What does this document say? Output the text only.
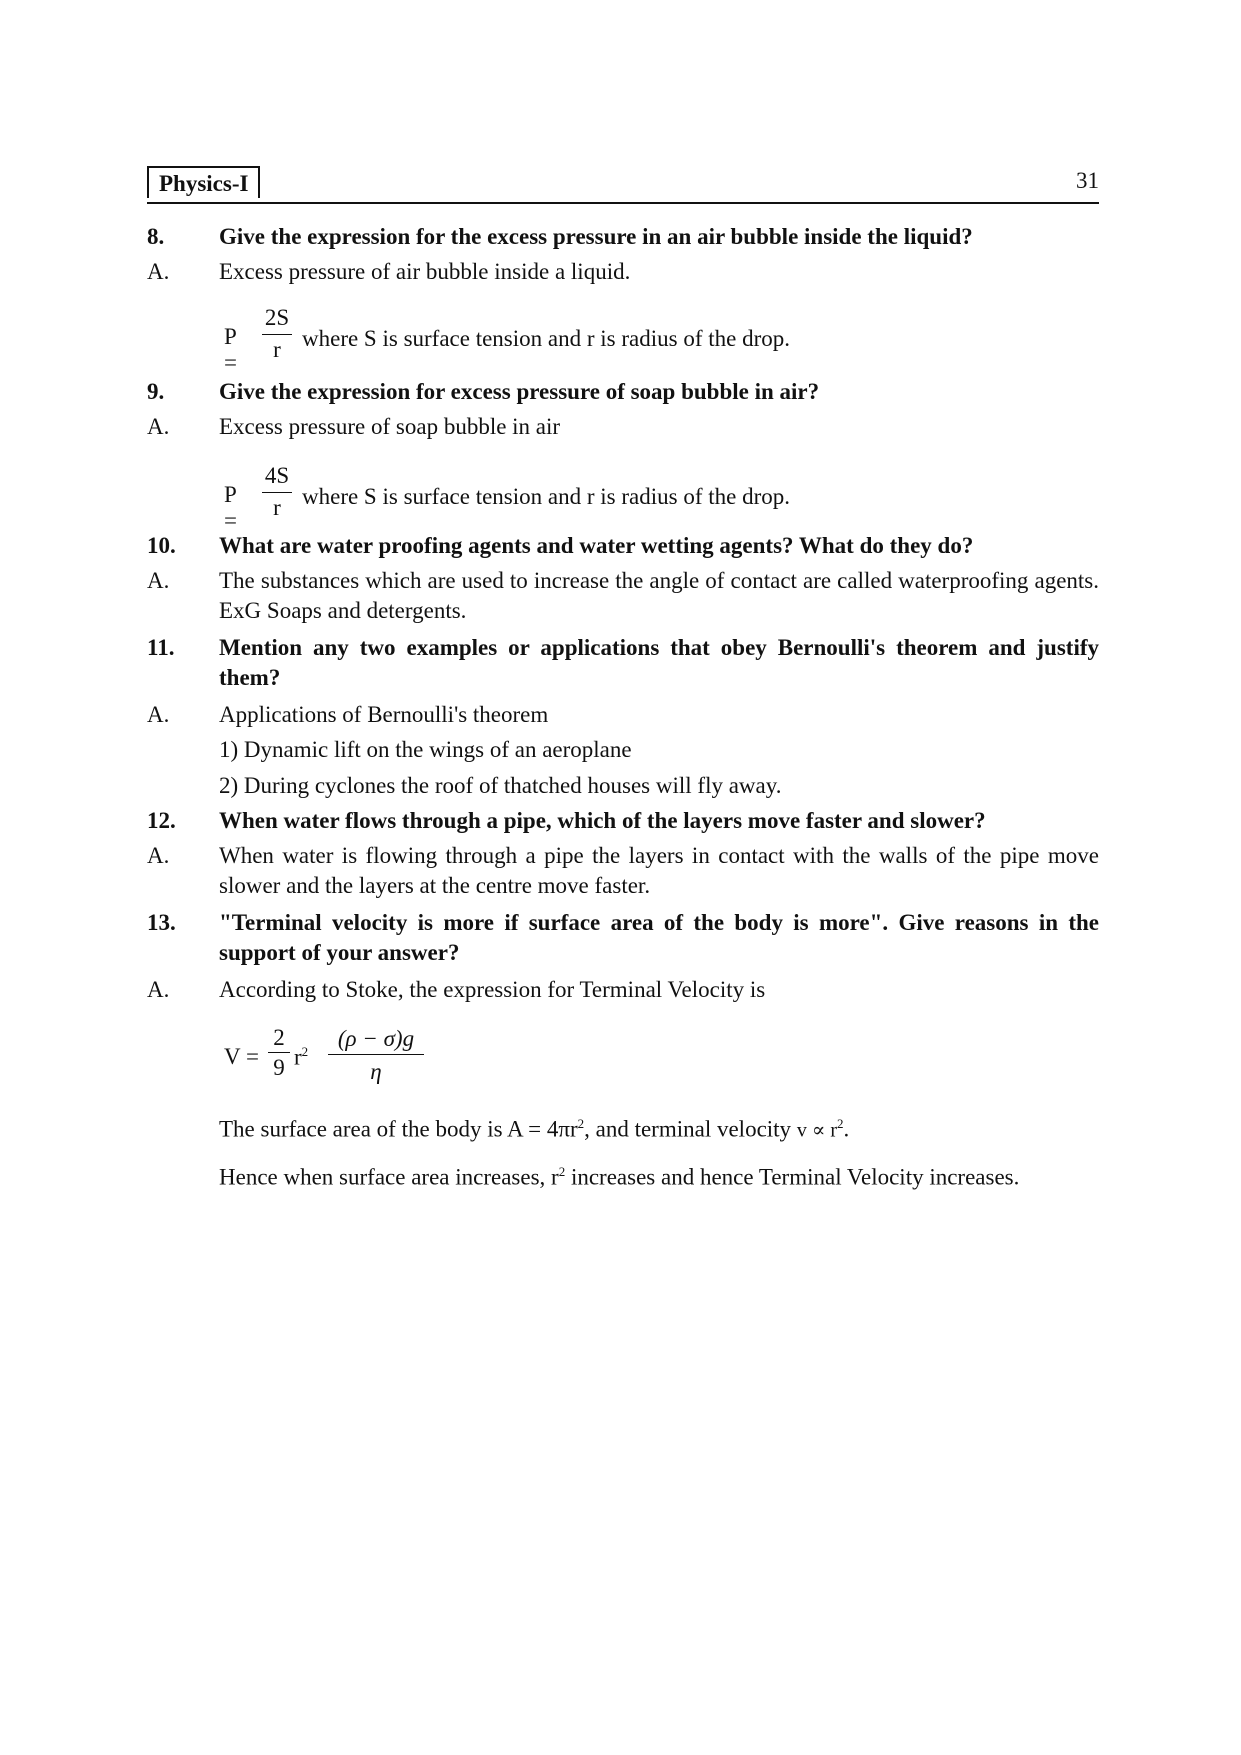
Physics-I	31
8.	Give the expression for the excess pressure in an air bubble inside the liquid?
A.	Excess pressure of air bubble inside a liquid.
$P = \frac{2S}{r}$ where S is surface tension and r is radius of the drop.
9.	Give the expression for excess pressure of soap bubble in air?
A.	Excess pressure of soap bubble in air
$P = \frac{4S}{r}$ where S is surface tension and r is radius of the drop.
10.	What are water proofing agents and water wetting agents? What do they do?
A.	The substances which are used to increase the angle of contact are called waterproofing agents. ExG Soaps and detergents.
11.	Mention any two examples or applications that obey Bernoulli's theorem and justify them?
A.	Applications of Bernoulli's theorem
1) Dynamic lift on the wings of an aeroplane
2) During cyclones the roof of thatched houses will fly away.
12.	When water flows through a pipe, which of the layers move faster and slower?
A.	When water is flowing through a pipe the layers in contact with the walls of the pipe move slower and the layers at the centre move faster.
13.	"Terminal velocity is more if surface area of the body is more". Give reasons in the support of your answer?
A.	According to Stoke, the expression for Terminal Velocity is
$V = \frac{2}{9} r^2 \frac{(\rho - \sigma)g}{\eta}$
The surface area of the body is $A = 4\pi r^2$, and terminal velocity $v \propto r^2$.
Hence when surface area increases, $r^2$ increases and hence Terminal Velocity increases.
